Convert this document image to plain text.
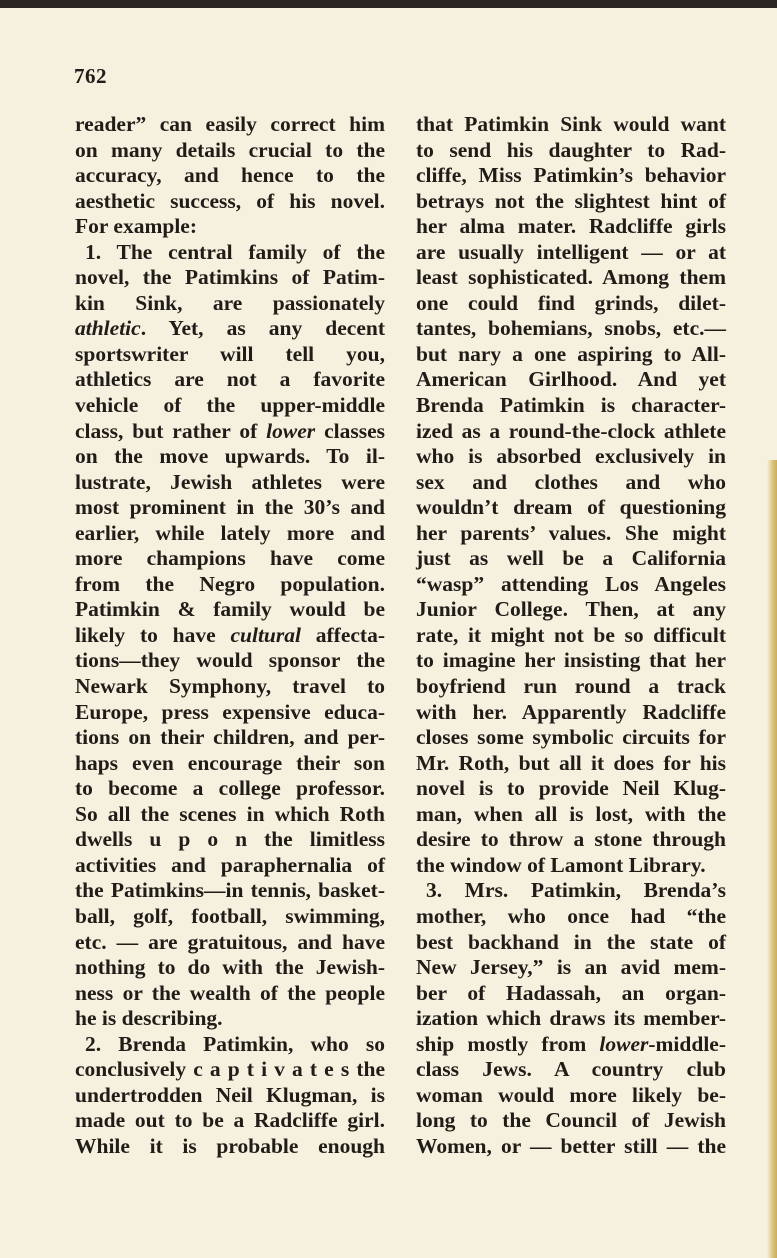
762
reader” can easily correct him
on many details crucial to the
accuracy, and hence to the
aesthetic success, of his novel.
For example:
1. The central family of the
novel, the Patimkins of Patim-
kin Sink, are passionately
athletic. Yet, as any decent
sportswriter will tell you,
athletics are not a favorite
vehicle of the upper-middle
class, but rather of lower classes
on the move upwards. To il-
lustrate, Jewish athletes were
most prominent in the 30’s and
earlier, while lately more and
more champions have come
from the Negro population.
Patimkin & family would be
likely to have cultural affecta-
tions—they would sponsor the
Newark Symphony, travel to
Europe, press expensive educa-
tions on their children, and per-
haps even encourage their son
to become a college professor.
So all the scenes in which Roth
dwells u p o n the limitless
activities and paraphernalia of
the Patimkins—in tennis, basket-
ball, golf, football, swimming,
etc. — are gratuitous, and have
nothing to do with the Jewish-
ness or the wealth of the people
he is describing.
2. Brenda Patimkin, who so
conclusively c a p t i v a t e s the
undertrodden Neil Klugman, is
made out to be a Radcliffe girl.
While it is probable enough
that Patimkin Sink would want
to send his daughter to Rad-
cliffe, Miss Patimkin’s behavior
betrays not the slightest hint of
her alma mater. Radcliffe girls
are usually intelligent — or at
least sophisticated. Among them
one could find grinds, dilet-
tantes, bohemians, snobs, etc.—
but nary a one aspiring to All-
American Girlhood. And yet
Brenda Patimkin is character-
ized as a round-the-clock athlete
who is absorbed exclusively in
sex and clothes and who
wouldn’t dream of questioning
her parents’ values. She might
just as well be a California
“wasp” attending Los Angeles
Junior College. Then, at any
rate, it might not be so difficult
to imagine her insisting that her
boyfriend run round a track
with her. Apparently Radcliffe
closes some symbolic circuits for
Mr. Roth, but all it does for his
novel is to provide Neil Klug-
man, when all is lost, with the
desire to throw a stone through
the window of Lamont Library.
3. Mrs. Patimkin, Brenda’s
mother, who once had “the
best backhand in the state of
New Jersey,” is an avid mem-
ber of Hadassah, an organ-
ization which draws its member-
ship mostly from lower-middle-
class Jews. A country club
woman would more likely be-
long to the Council of Jewish
Women, or — better still — the
